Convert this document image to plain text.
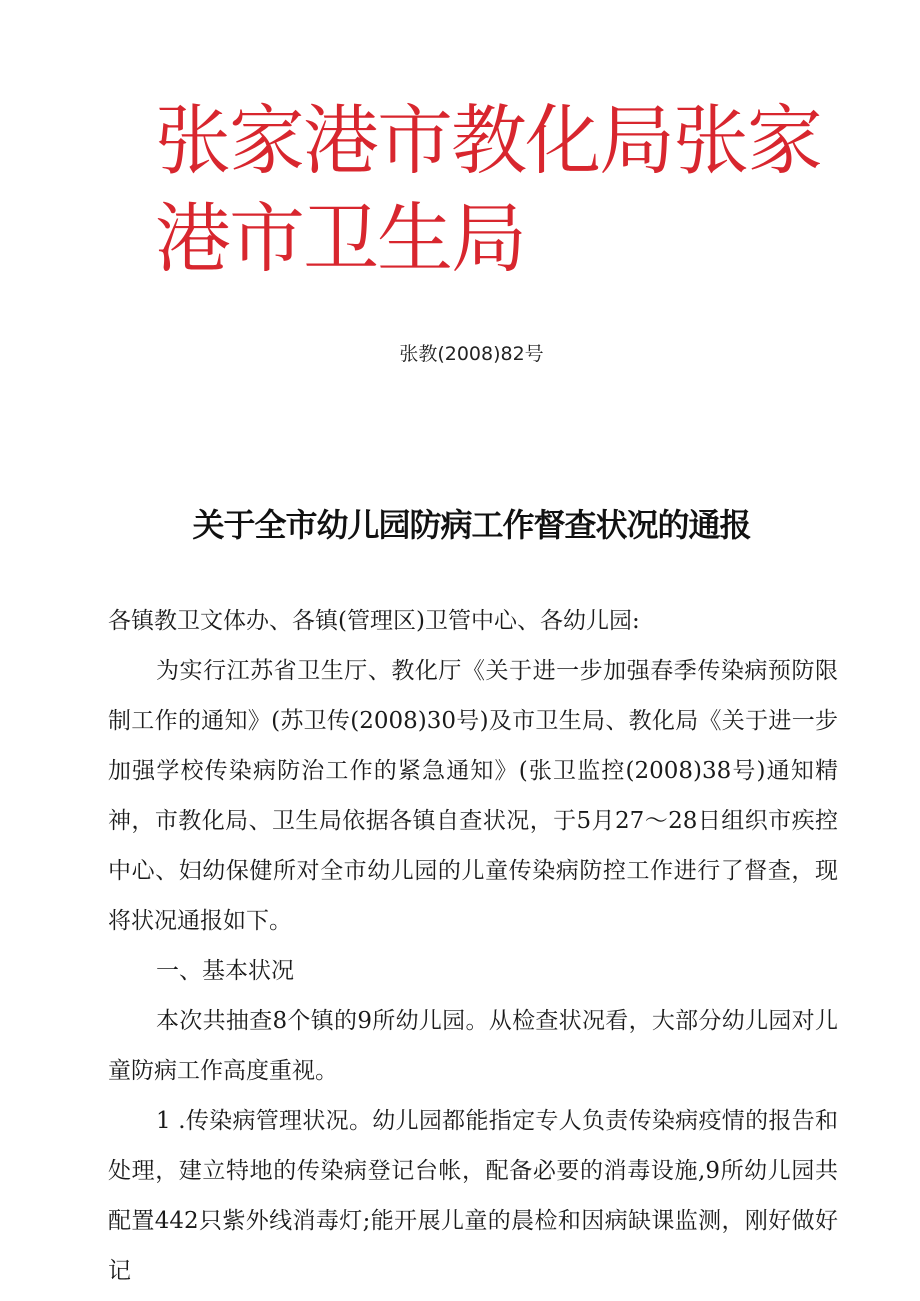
张家港市教化局张家港市卫生局

张教(2008)82号

关于全市幼儿园防病工作督查状况的通报

各镇教卫文体办、各镇(管理区)卫管中心、各幼儿园:

为实行江苏省卫生厅、教化厅《关于进一步加强春季传染病预防限制工作的通知》(苏卫传(2008)30号)及市卫生局、教化局《关于进一步加强学校传染病防治工作的紧急通知》(张卫监控(2008)38号)通知精神，市教化局、卫生局依据各镇自查状况，于5月27～28日组织市疾控中心、妇幼保健所对全市幼儿园的儿童传染病防控工作进行了督查，现将状况通报如下。

一、基本状况

本次共抽查8个镇的9所幼儿园。从检查状况看，大部分幼儿园对儿童防病工作高度重视。

1 .传染病管理状况。幼儿园都能指定专人负责传染病疫情的报告和处理，建立特地的传染病登记台帐，配备必要的消毒设施,9所幼儿园共配置442只紫外线消毒灯;能开展儿童的晨检和因病缺课监测，刚好做好记
